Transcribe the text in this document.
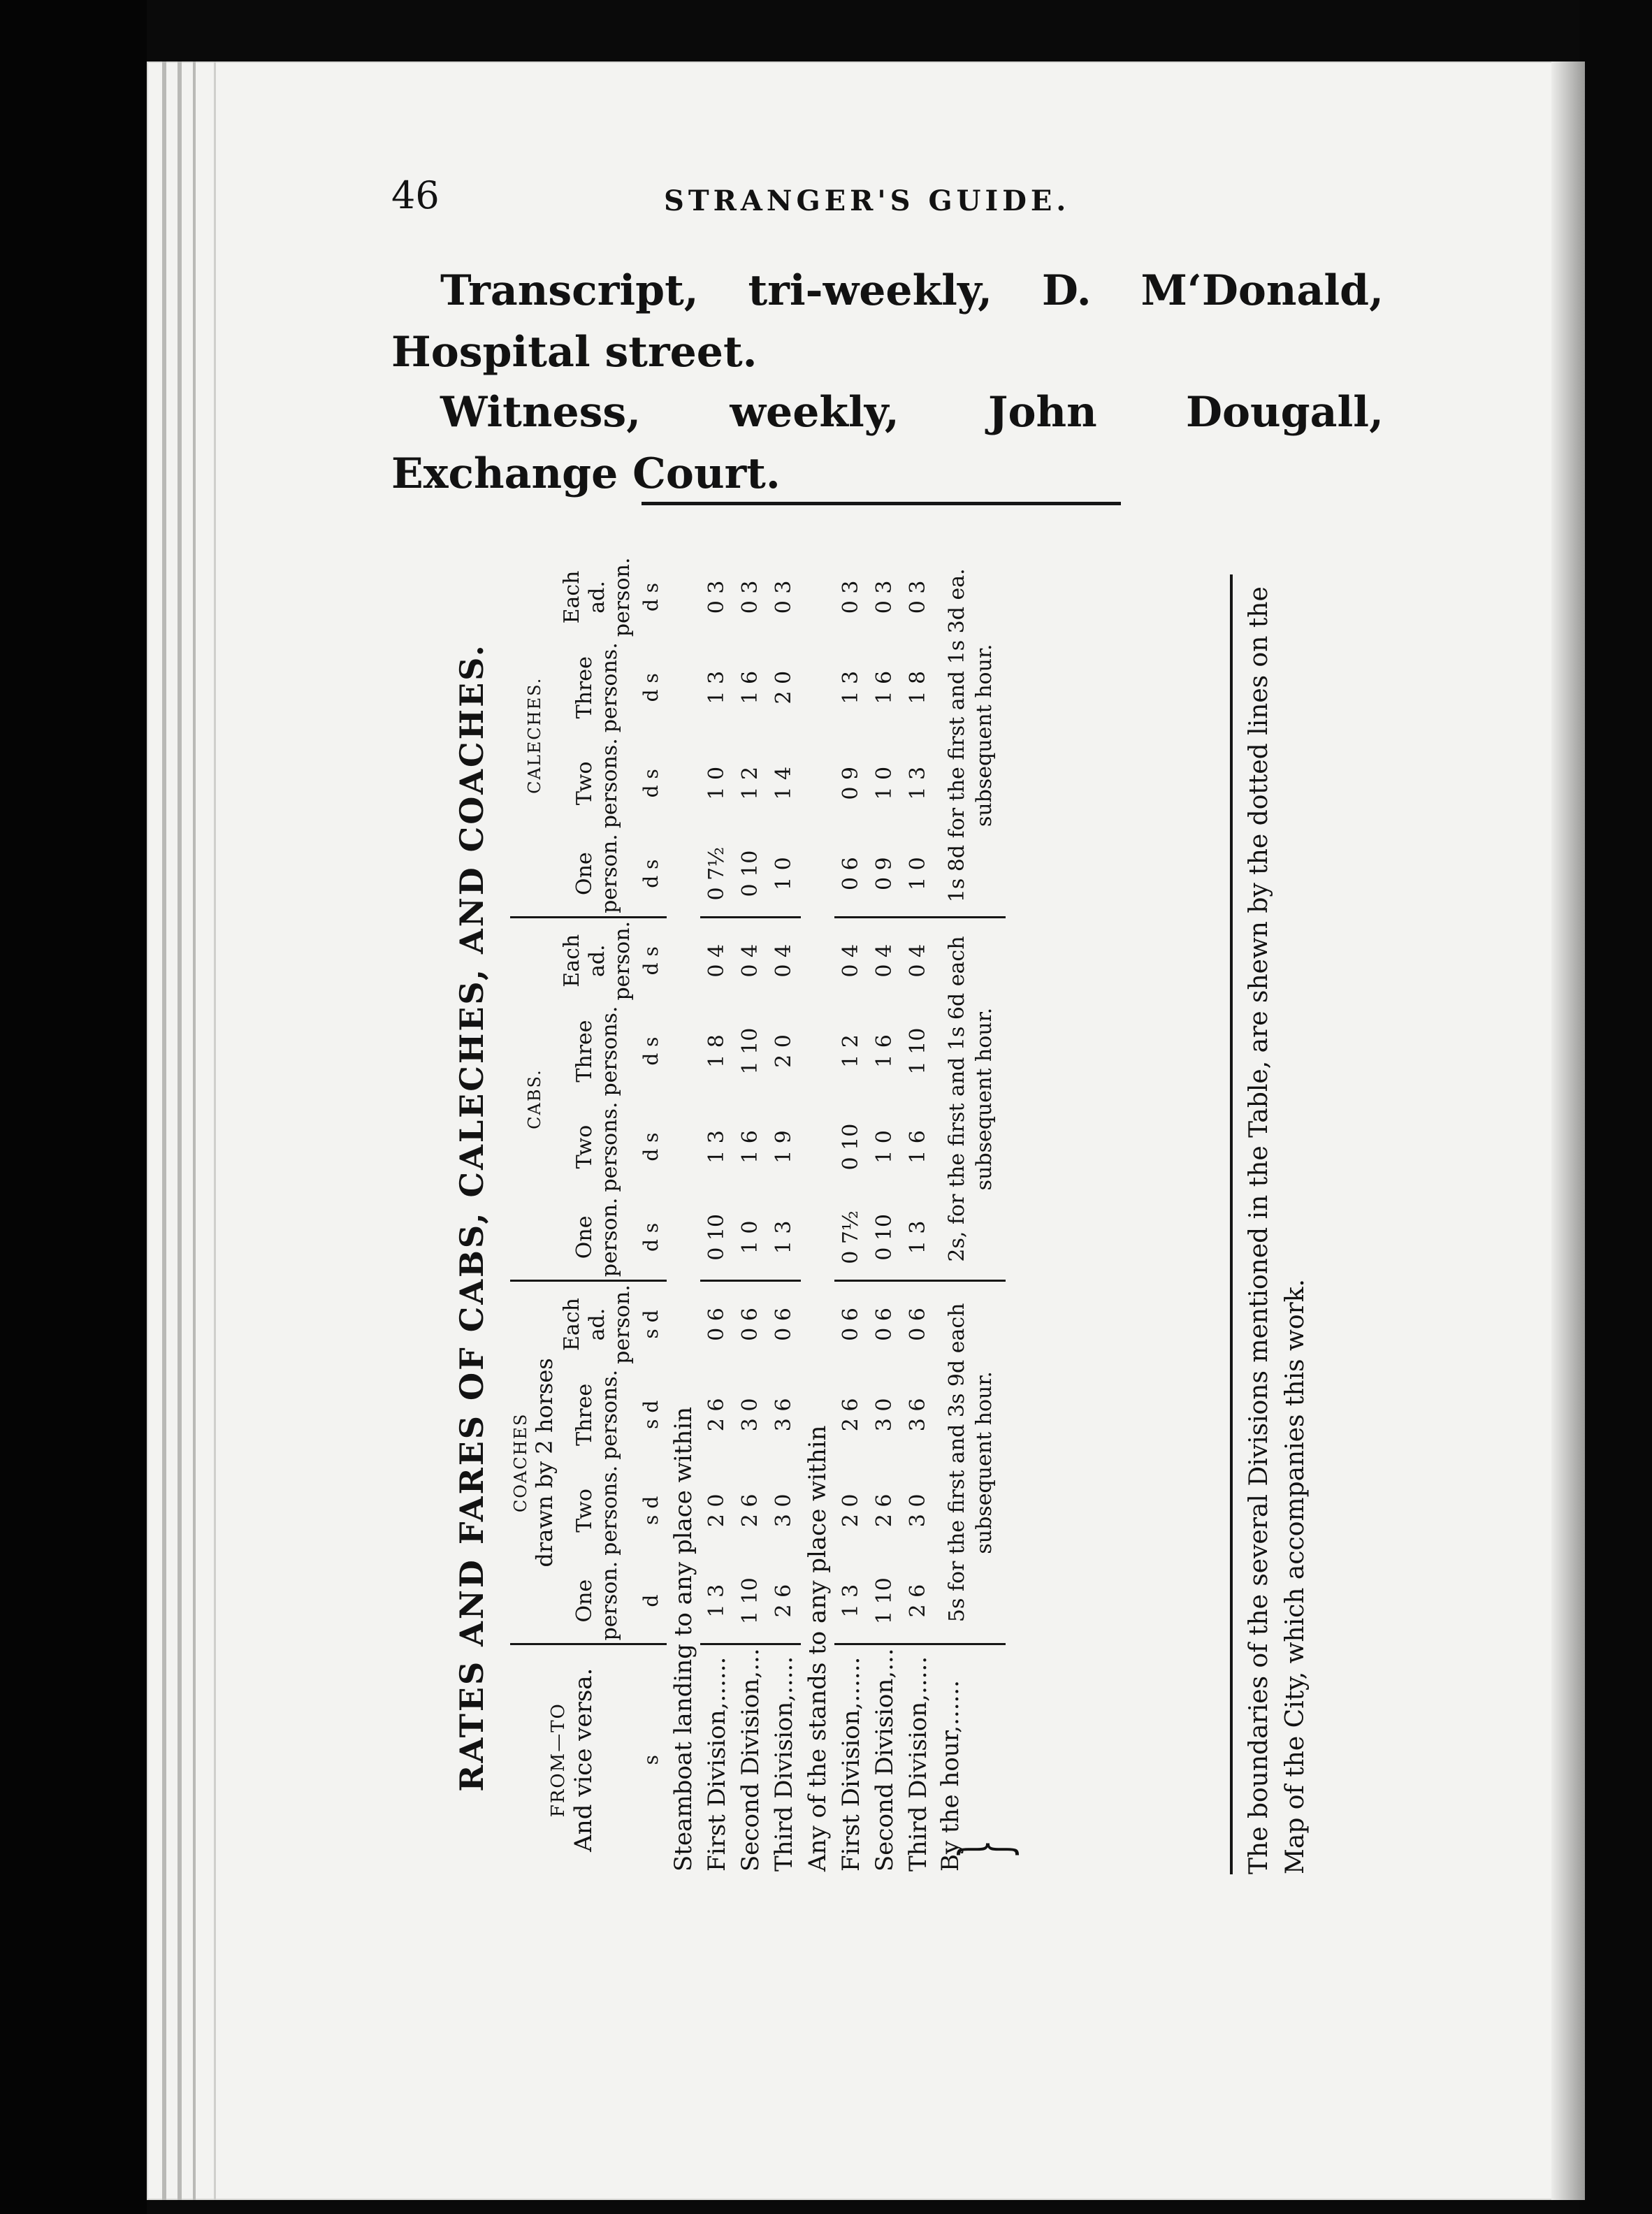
46	STRANGER'S GUIDE.

Transcript, tri-weekly, D. M‘Donald, Hospital street.

Witness, weekly, John Dougall, Exchange Court.

RATES AND FARES OF CABS, CALECHES, AND COACHES.	FROM—TO And vice versa.	COACHES drawn by 2 horses				CABS.				CALECHES.			

	One person.	Two persons.	Three persons.	Each ad. person.	One person.	Two persons.	Three persons.	Each ad. person.	One person.	Two persons.	Three persons.	Each ad. person.

s	d	s d	s d	s d	d s	d s	d s	d s	d s	d s	d s	d s
Steamboat landing to any place within												
First Division,......	1 3	2 0	2 6	0 6	0 10	1 3	1 8	0 4	0 7½	1 0	1 3	0 3
Second Division,...	1 10	2 6	3 0	0 6	1 0	1 6	1 10	0 4	0 10	1 2	1 6	0 3
Third Division,.....	2 6	3 0	3 6	0 6	1 3	1 9	2 0	0 4	1 0	1 4	2 0	0 3
Any of the stands to any place within												
First Division,......	1 3	2 0	2 6	0 6	0 7½	0 10	1 2	0 4	0 6	0 9	1 3	0 3
Second Division,...	1 10	2 6	3 0	0 6	0 10	1 0	1 6	0 4	0 9	1 0	1 6	0 3
Third Division,.....	2 6	3 0	3 6	0 6	1 3	1 6	1 10	0 4	1 0	1 3	1 8	0 3
By the hour,......}	5s for the first and 3s 9d each subsequent hour.				2s, for the first and 1s 6d each subsequent hour.				1s 8d for the first and 1s 3d ea. subsequent hour.				The boundaries of the several Divisions mentioned in the Table, are shewn by the dotted lines on the Map of the City, which accompanies this work.
